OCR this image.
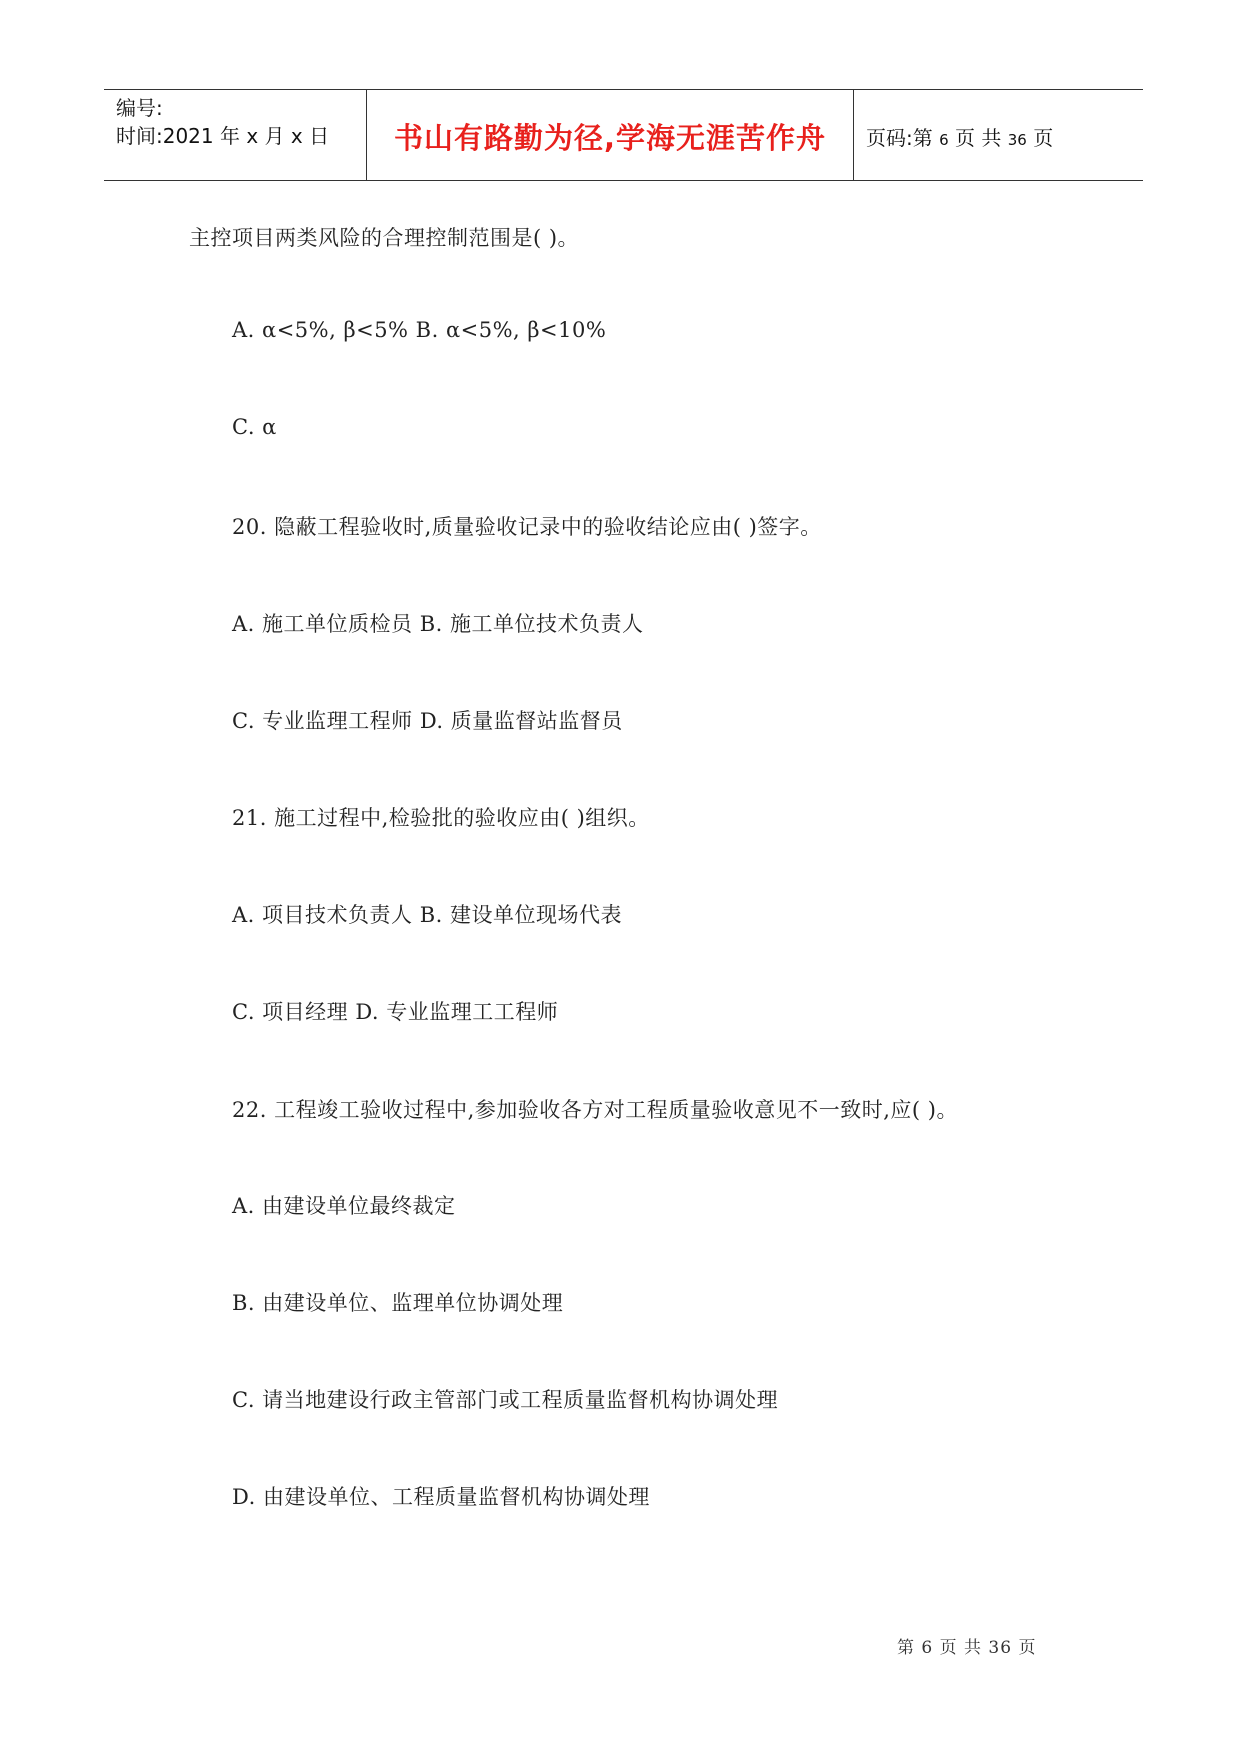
编号:
时间:2021 年 x 月 x 日	书山有路勤为径,学海无涯苦作舟	页码:第 6 页 共 36 页
主控项目两类风险的合理控制范围是( )。
A. α<5%, β<5% B. α<5%, β<10%
C. α
20. 隐蔽工程验收时,质量验收记录中的验收结论应由( )签字。
A. 施工单位质检员 B. 施工单位技术负责人
C. 专业监理工程师 D. 质量监督站监督员
21. 施工过程中,检验批的验收应由( )组织。
A. 项目技术负责人 B. 建设单位现场代表
C. 项目经理 D. 专业监理工工程师
22. 工程竣工验收过程中,参加验收各方对工程质量验收意见不一致时,应( )。
A. 由建设单位最终裁定
B. 由建设单位、监理单位协调处理
C. 请当地建设行政主管部门或工程质量监督机构协调处理
D. 由建设单位、工程质量监督机构协调处理
第 6 页 共 36 页
